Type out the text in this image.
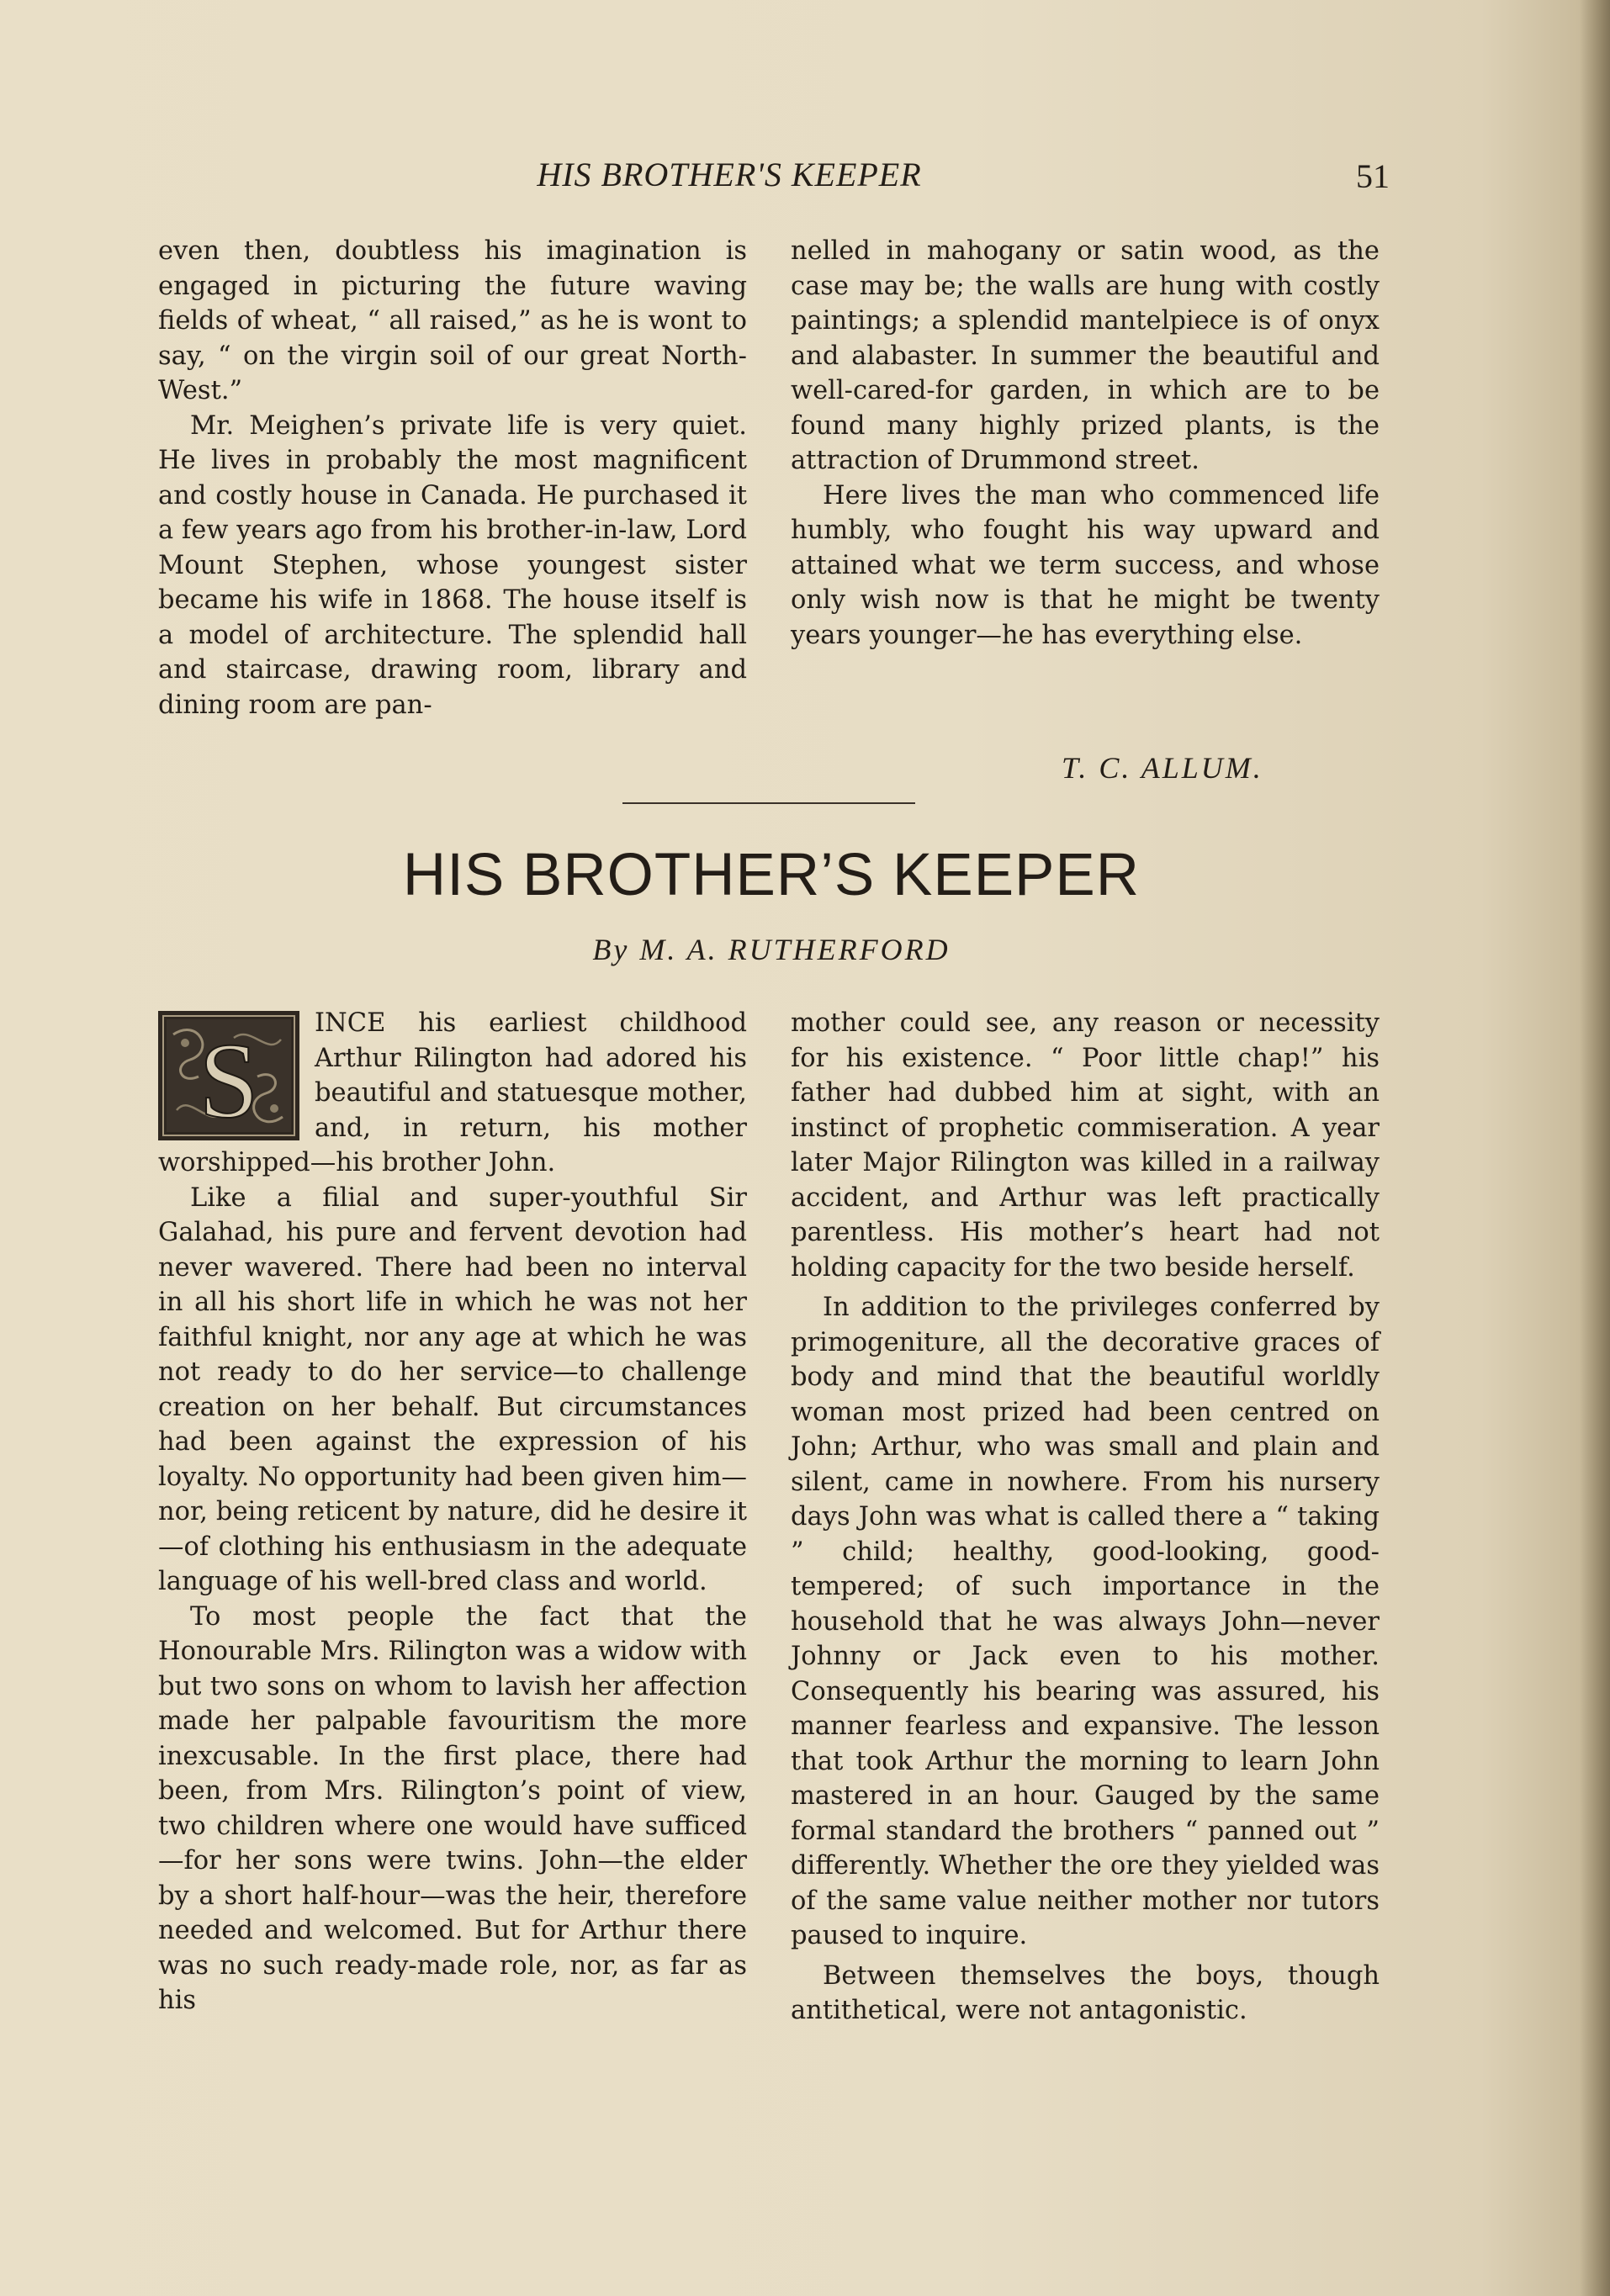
HIS BROTHER'S KEEPER	51

even then, doubtless his imagination is engaged in picturing the future waving fields of wheat, “ all raised,” as he is wont to say, “ on the virgin soil of our great North-West.”

Mr. Meighen’s private life is very quiet. He lives in probably the most magnificent and costly house in Canada. He purchased it a few years ago from his brother-in-law, Lord Mount Stephen, whose youngest sister became his wife in 1868. The house itself is a model of architecture. The splendid hall and staircase, drawing room, library and dining room are pan-

nelled in mahogany or satin wood, as the case may be; the walls are hung with costly paintings; a splendid mantelpiece is of onyx and alabaster. In summer the beautiful and well-cared-for garden, in which are to be found many highly prized plants, is the attraction of Drummond street.

Here lives the man who commenced life humbly, who fought his way upward and attained what we term success, and whose only wish now is that he might be twenty years younger—he has everything else.

T. C. ALLUM.
HIS BROTHER’S KEEPER
By M. A. RUTHERFORD
S	INCE his earliest childhood Arthur Rilington had adored his beautiful and statuesque mother, and, in return, his mother worshipped—his brother John.

Like a filial and super-youthful Sir Galahad, his pure and fervent devotion had never wavered. There had been no interval in all his short life in which he was not her faithful knight, nor any age at which he was not ready to do her service—to challenge creation on her behalf. But circumstances had been against the expression of his loyalty. No opportunity had been given him—nor, being reticent by nature, did he desire it—of clothing his enthusiasm in the adequate language of his well-bred class and world.

To most people the fact that the Honourable Mrs. Rilington was a widow with but two sons on whom to lavish her affection made her palpable favouritism the more inexcusable. In the first place, there had been, from Mrs. Rilington’s point of view, two children where one would have sufficed —for her sons were twins. John—the elder by a short half-hour—was the heir, therefore needed and welcomed. But for Arthur there was no such ready-made role, nor, as far as his

mother could see, any reason or necessity for his existence. “ Poor little chap!” his father had dubbed him at sight, with an instinct of prophetic commiseration. A year later Major Rilington was killed in a railway accident, and Arthur was left practically parentless. His mother’s heart had not holding capacity for the two beside herself.

In addition to the privileges conferred by primogeniture, all the decorative graces of body and mind that the beautiful worldly woman most prized had been centred on John; Arthur, who was small and plain and silent, came in nowhere. From his nursery days John was what is called there a “ taking ” child; healthy, good-looking, good-tempered; of such importance in the household that he was always John—never Johnny or Jack even to his mother. Consequently his bearing was assured, his manner fearless and expansive. The lesson that took Arthur the morning to learn John mastered in an hour. Gauged by the same formal standard the brothers “ panned out ” differently. Whether the ore they yielded was of the same value neither mother nor tutors paused to inquire.

Between themselves the boys, though antithetical, were not antagonistic.
